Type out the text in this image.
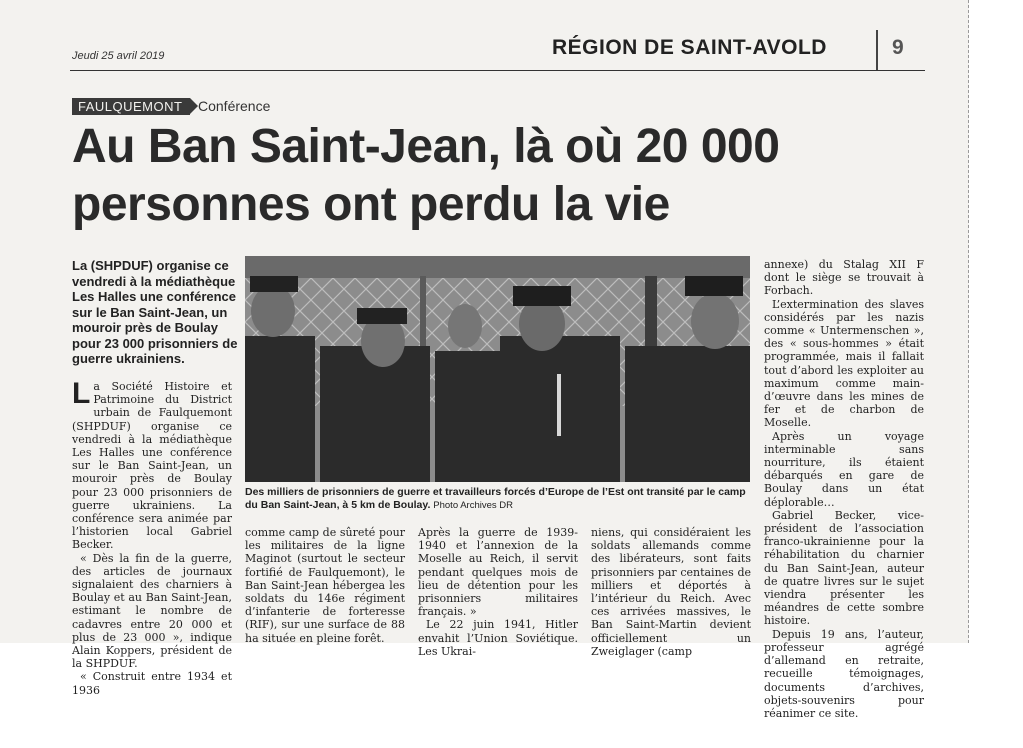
Jeudi 25 avril 2019	RÉGION DE SAINT-AVOLD	9
FAULQUEMONT	Conférence
Au Ban Saint-Jean, là où 20 000 personnes ont perdu la vie
La (SHPDUF) organise ce vendredi à la médiathèque Les Halles une conférence sur le Ban Saint-Jean, un mouroir près de Boulay pour 23 000 prisonniers de guerre ukrainiens.

La Société Histoire et Patrimoine du District urbain de Faulquemont (SHPDUF) organise ce vendredi à la médiathèque Les Halles une conférence sur le Ban Saint-Jean, un mouroir près de Boulay pour 23 000 prisonniers de guerre ukrainiens. La conférence sera animée par l’historien local Gabriel Becker.

« Dès la fin de la guerre, des articles de journaux signalaient des charniers à Boulay et au Ban Saint-Jean, estimant le nombre de cadavres entre 20 000 et plus de 23 000 », indique Alain Koppers, président de la SHPDUF.

« Construit entre 1934 et 1936

Des milliers de prisonniers de guerre et travailleurs forcés d’Europe de l’Est ont transité par le camp du Ban Saint-Jean, à 5 km de Boulay. Photo Archives DR

comme camp de sûreté pour les militaires de la ligne Maginot (surtout le secteur fortifié de Faulquemont), le Ban Saint-Jean hébergea les soldats du 146e régiment d’infanterie de forteresse (RIF), sur une surface de 88 ha située en pleine forêt.

Après la guerre de 1939-1940 et l’annexion de la Moselle au Reich, il servit pendant quelques mois de lieu de détention pour les prisonniers militaires français. »

Le 22 juin 1941, Hitler envahit l’Union Soviétique. Les Ukrai-

niens, qui considéraient les soldats allemands comme des libérateurs, sont faits prisonniers par centaines de milliers et déportés à l’intérieur du Reich. Avec ces arrivées massives, le Ban Saint-Martin devient officiellement un Zweiglager (camp

annexe) du Stalag XII F dont le siège se trouvait à Forbach.

L’extermination des slaves considérés par les nazis comme « Untermenschen », des « sous-hommes » était programmée, mais il fallait tout d’abord les exploiter au maximum comme main-d’œuvre dans les mines de fer et de charbon de Moselle.

Après un voyage interminable sans nourriture, ils étaient débarqués en gare de Boulay dans un état déplorable…

Gabriel Becker, vice-président de l’association franco-ukrainienne pour la réhabilitation du charnier du Ban Saint-Jean, auteur de quatre livres sur le sujet viendra présenter les méandres de cette sombre histoire.

Depuis 19 ans, l’auteur, professeur agrégé d’allemand en retraite, recueille témoignages, documents d’archives, objets-souvenirs pour réanimer ce site.
